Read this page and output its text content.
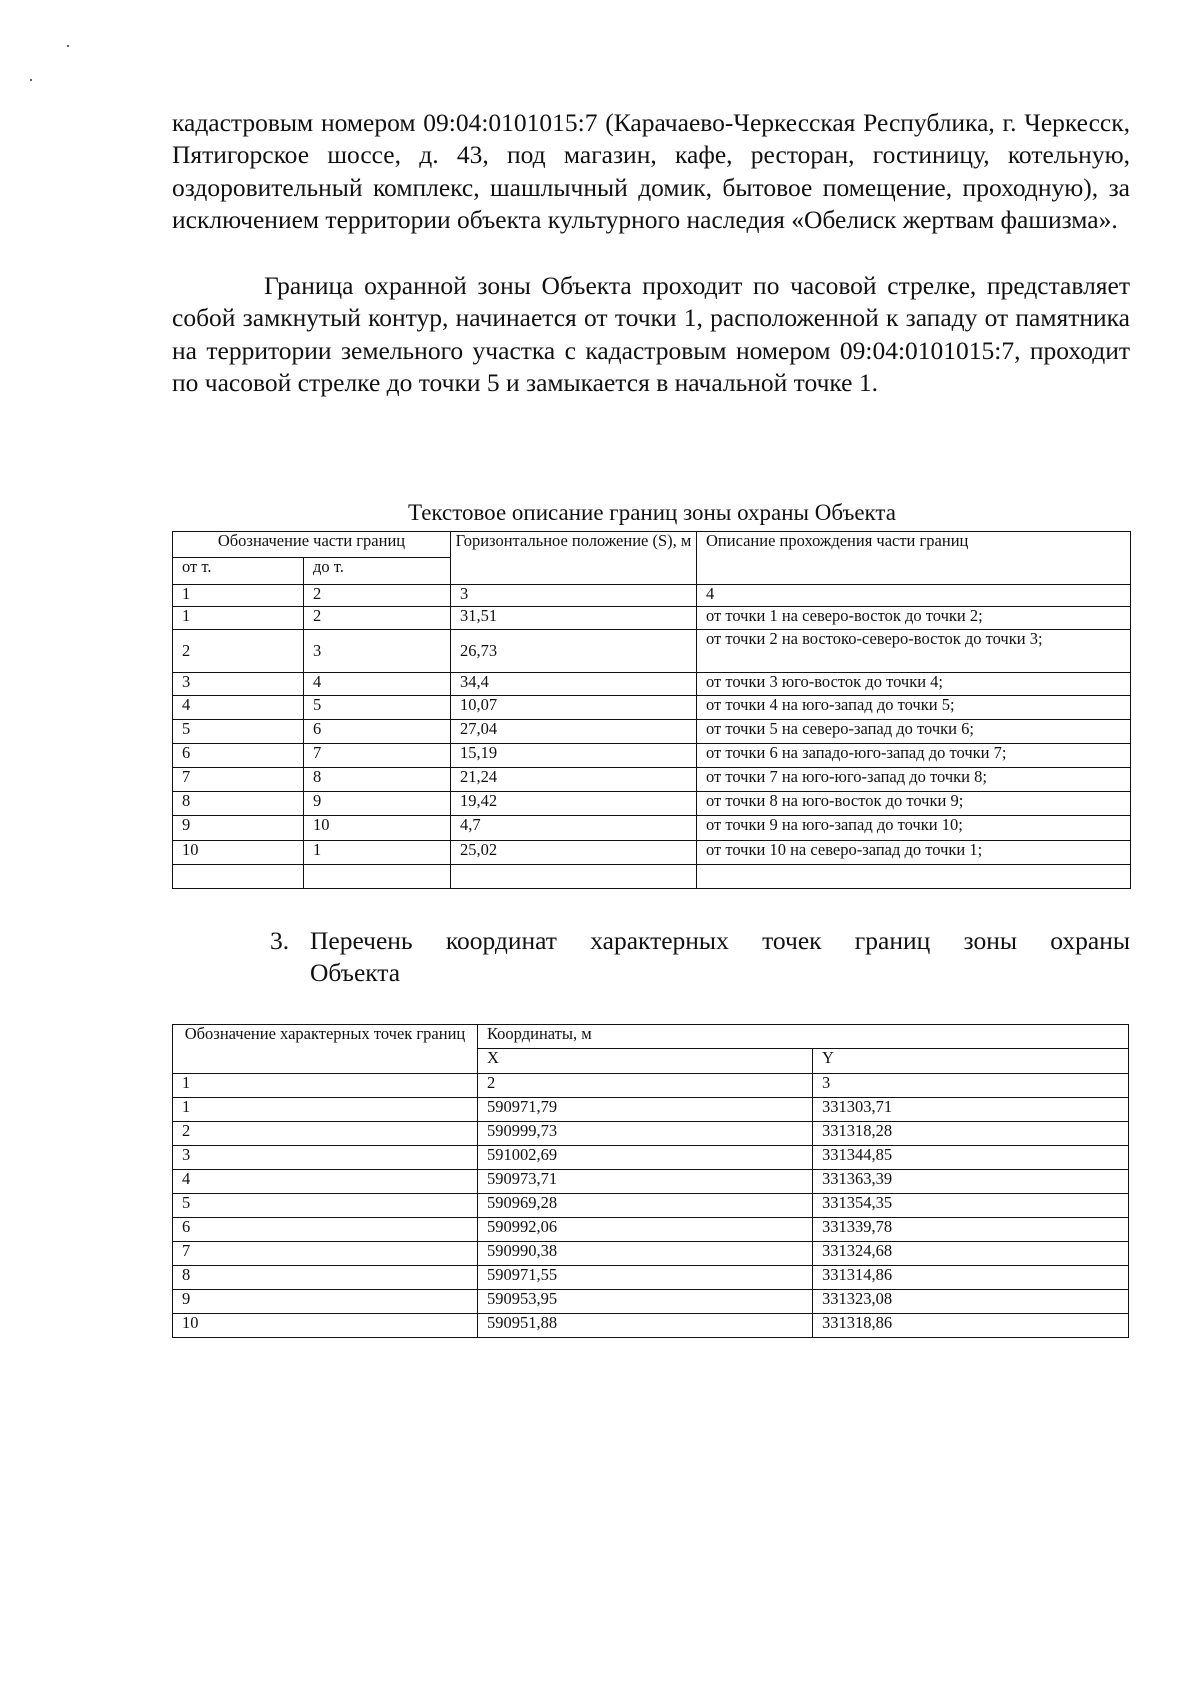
кадастровым номером 09:04:0101015:7 (Карачаево-Черкесская Республика, г. Черкесск, Пятигорское шоссе, д. 43, под магазин, кафе, ресторан, гостиницу, котельную, оздоровительный комплекс, шашлычный домик, бытовое помещение, проходную), за исключением территории объекта культурного наследия «Обелиск жертвам фашизма».

Граница охранной зоны Объекта проходит по часовой стрелке, представляет собой замкнутый контур, начинается от точки 1, расположенной к западу от памятника на территории земельного участка с кадастровым номером 09:04:0101015:7, проходит по часовой стрелке до точки 5 и замыкается в начальной точке 1.

Текстовое описание границ зоны охраны Объекта

Обозначение части границ		Горизонтальное положение (S), м	Описание прохождения части границ
от т.	до т.		
1	2	3	4
1	2	31,51	от точки 1 на северо-восток до точки 2;
2	3	26,73	от точки 2 на востоко-северо-восток до точки 3;
3	4	34,4	от точки 3 юго-восток до точки 4;
4	5	10,07	от точки 4 на юго-запад до точки 5;
5	6	27,04	от точки 5 на северо-запад до точки 6;
6	7	15,19	от точки 6 на западо-юго-запад до точки 7;
7	8	21,24	от точки 7 на юго-юго-запад до точки 8;
8	9	19,42	от точки 8 на юго-восток до точки 9;
9	10	4,7	от точки 9 на юго-запад до точки 10;
10	1	25,02	от точки 10 на северо-запад до точки 1;

3. Перечень координат характерных точек границ зоны охраны
Объекта
Обозначение характерных точек границ	Координаты, м	
	X	Y
1	2	3
1	590971,79	331303,71
2	590999,73	331318,28
3	591002,69	331344,85
4	590973,71	331363,39
5	590969,28	331354,35
6	590992,06	331339,78
7	590990,38	331324,68
8	590971,55	331314,86
9	590953,95	331323,08
10	590951,88	331318,86
